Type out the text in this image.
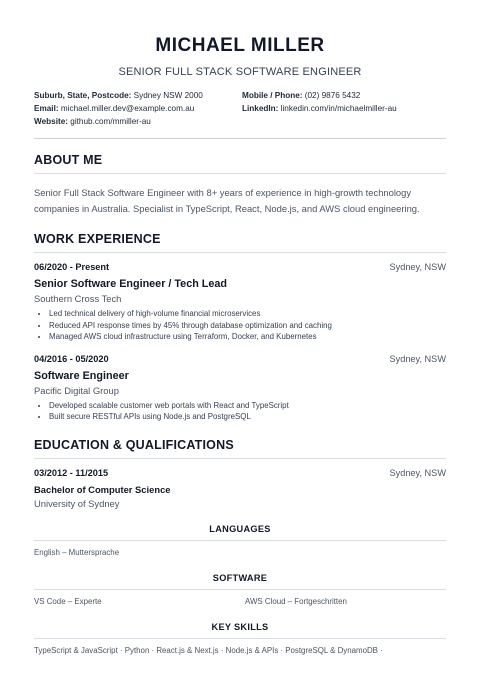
MICHAEL MILLER
SENIOR FULL STACK SOFTWARE ENGINEER
Suburb, State, Postcode: Sydney NSW 2000	Mobile / Phone: (02) 9876 5432
Email: michael.miller.dev@example.com.au	LinkedIn: linkedin.com/in/michaelmiller-au
Website: github.com/mmiller-au
ABOUT ME
Senior Full Stack Software Engineer with 8+ years of experience in high-growth technology companies in Australia. Specialist in TypeScript, React, Node.js, and AWS cloud engineering.
WORK EXPERIENCE
06/2020 - Present	Sydney, NSW
Senior Software Engineer / Tech Lead
Southern Cross Tech
• Led technical delivery of high-volume financial microservices
• Reduced API response times by 45% through database optimization and caching
• Managed AWS cloud infrastructure using Terraform, Docker, and Kubernetes
04/2016 - 05/2020	Sydney, NSW
Software Engineer
Pacific Digital Group
• Developed scalable customer web portals with React and TypeScript
• Built secure RESTful APIs using Node.js and PostgreSQL
EDUCATION & QUALIFICATIONS
03/2012 - 11/2015	Sydney, NSW
Bachelor of Computer Science
University of Sydney
LANGUAGES
English – Muttersprache
SOFTWARE
VS Code – Experte	AWS Cloud – Fortgeschritten
KEY SKILLS
TypeScript & JavaScript · Python · React.js & Next.js · Node.js & APIs · PostgreSQL & DynamoDB ·
